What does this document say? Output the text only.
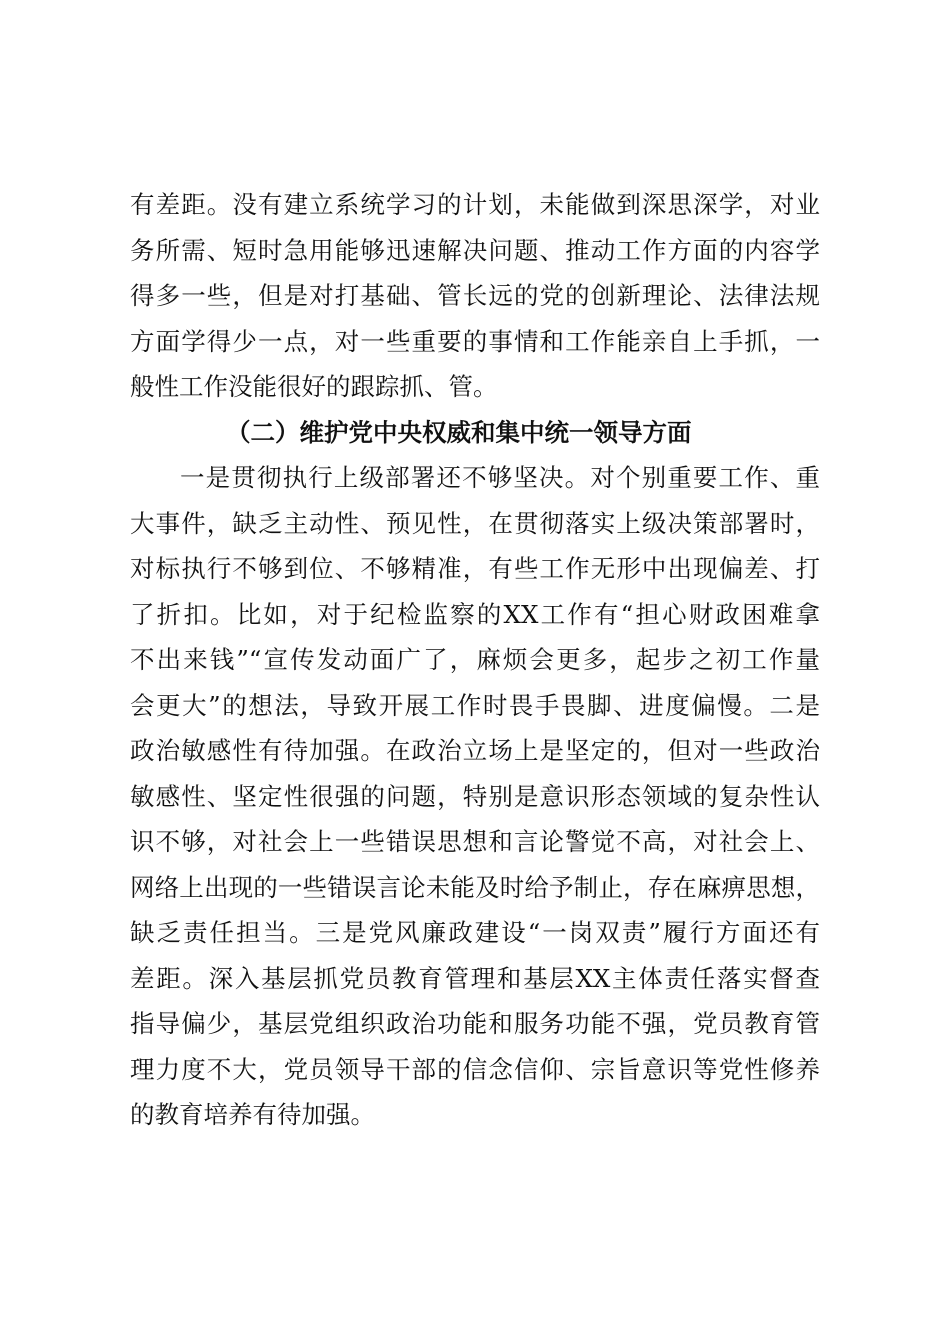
有差距。没有建立系统学习的计划，未能做到深思深学，对业
务所需、短时急用能够迅速解决问题、推动工作方面的内容学
得多一些，但是对打基础、管长远的党的创新理论、法律法规
方面学得少一点，对一些重要的事情和工作能亲自上手抓，一
般性工作没能很好的跟踪抓、管。
（二）维护党中央权威和集中统一领导方面
一是贯彻执行上级部署还不够坚决。对个别重要工作、重
大事件，缺乏主动性、预见性，在贯彻落实上级决策部署时，
对标执行不够到位、不够精准，有些工作无形中出现偏差、打
了折扣。比如，对于纪检监察的XX工作有“担心财政困难拿
不出来钱”“宣传发动面广了，麻烦会更多，起步之初工作量
会更大”的想法，导致开展工作时畏手畏脚、进度偏慢。二是
政治敏感性有待加强。在政治立场上是坚定的，但对一些政治
敏感性、坚定性很强的问题，特别是意识形态领域的复杂性认
识不够，对社会上一些错误思想和言论警觉不高，对社会上、
网络上出现的一些错误言论未能及时给予制止，存在麻痹思想，
缺乏责任担当。三是党风廉政建设“一岗双责”履行方面还有
差距。深入基层抓党员教育管理和基层XX主体责任落实督查
指导偏少，基层党组织政治功能和服务功能不强，党员教育管
理力度不大，党员领导干部的信念信仰、宗旨意识等党性修养
的教育培养有待加强。
